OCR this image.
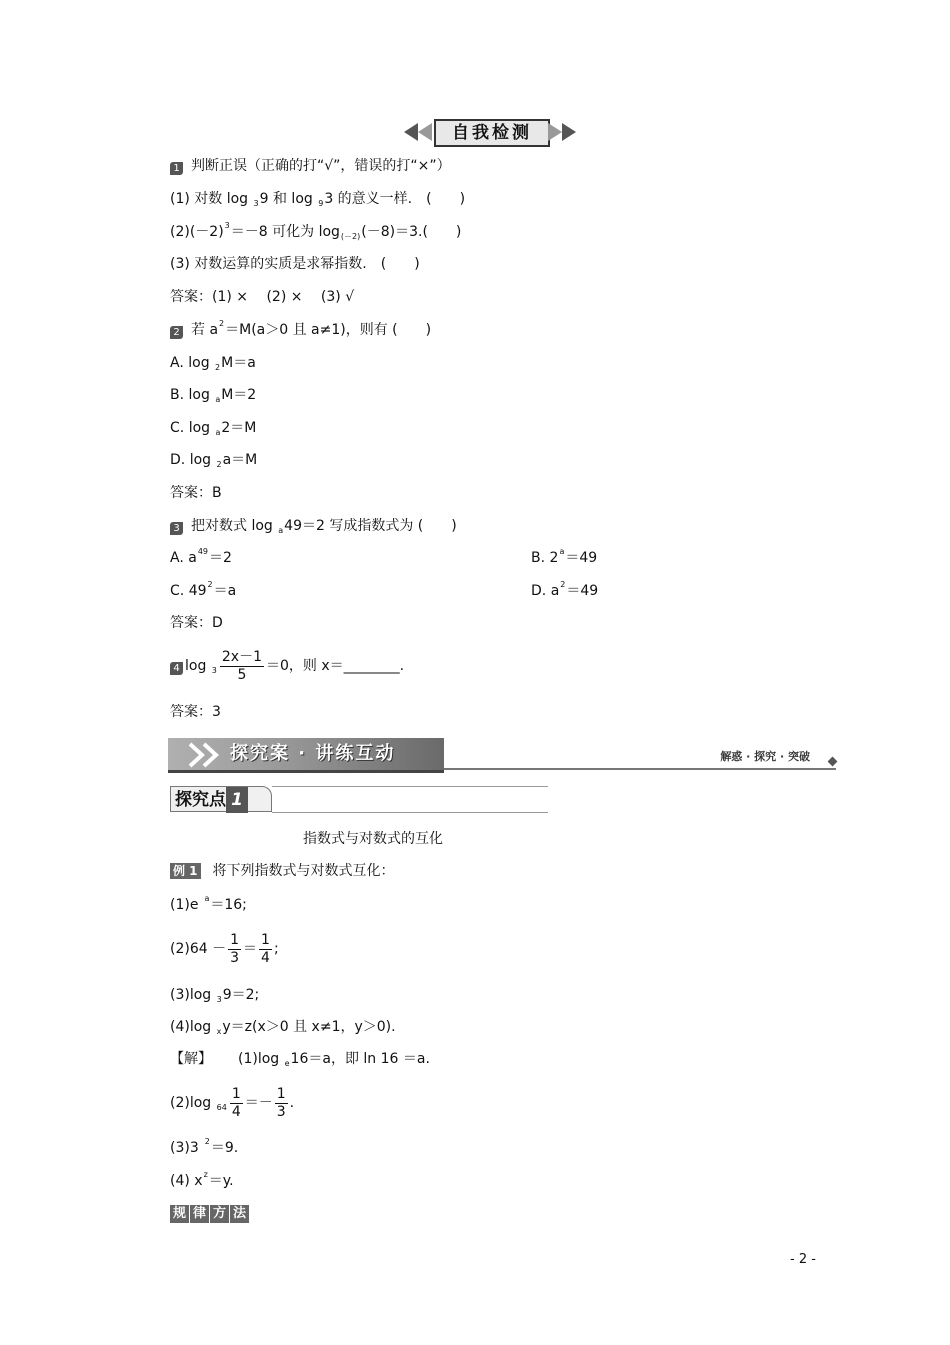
自我检测
1 判断正误（正确的打“√”，错误的打“×”）
(1) 对数 log $_3$9 和 log $_9$3 的意义一样.　(　　)
$(2)(-2)^3=-8$ 可化为 $\log_{(-2)}(-8)=3$.(　　)
(3) 对数运算的实质是求幂指数.　(　　)
答案：(1) ×　 (2) ×　 (3) √
2 若 $a^2=M(a>0$ 且 a≠1)，则有 (　　)
A. log $_2$M＝a
B. log $_a$M＝2
C. log $_a$2＝M
D. log $_2$a＝M
答案：B
3 把对数式 log $_a$49＝2 写成指数式为 (　　)
A. $a^{49}=2$	B. $2^a=49$
C. $49^2=a$	D. $a^2=49$
答案：D
4 $\log _3 \frac{2x-1}{5} =0$，则 x＝________.
答案：3
探究案 · 讲练互动	解惑 · 探究 · 突破
探究点 1
指数式与对数式的互化
例 1 将下列指数式与对数式互化：
(1)e $^a$＝16;
$(2)64 - \frac{1}{3} = \frac{1}{4}$ ;
(3)log $_3$9＝2;
(4)log $_x$y＝z(x＞0 且 x≠1，y＞0).
【解】 (1)log $_e$16＝a，即 ln 16 ＝a.
(2)log $_{64} \frac{1}{4} =- \frac{1}{3}$ .
(3)3 $^2$＝9.
(4) $x^z=y$.
规 律 方 法
- 2 -
